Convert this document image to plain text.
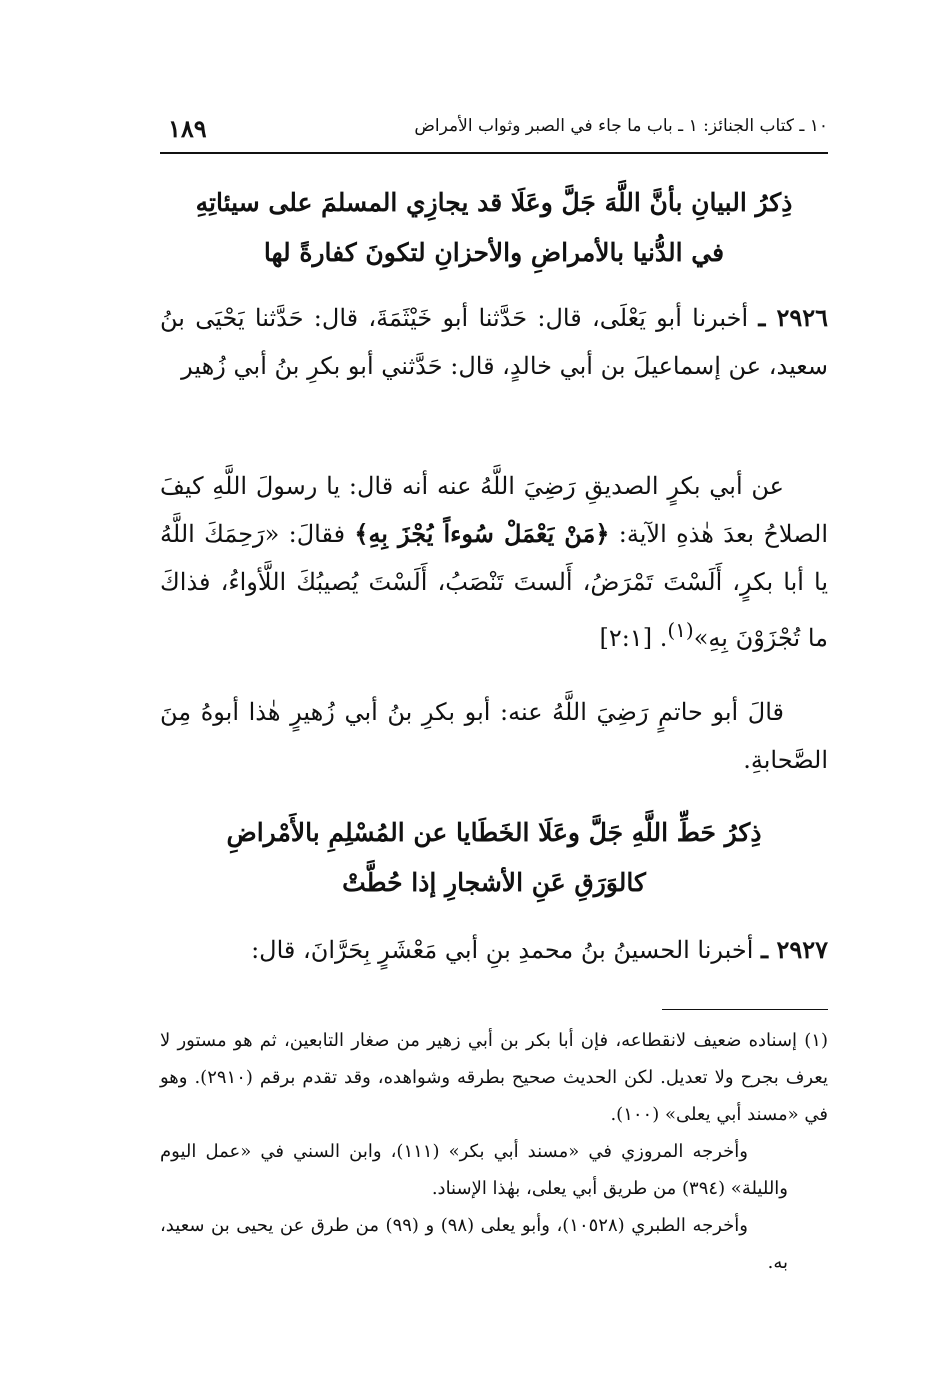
١٠ ـ كتاب الجنائز: ١ ـ باب ما جاء في الصبر وثواب الأمراض
١٨٩

ذِكرُ البيانِ بأنَّ اللَّهَ جَلَّ وعَلَا قد يجازِي المسلمَ على سيئاتِهِ

في الدُّنيا بالأمراضِ والأحزانِ لتكونَ كفارةً لها

٢٩٢٦ ـ أخبرنا أبو يَعْلَى، قال: حَدَّثنا أبو خَيْثَمَةَ، قال: حَدَّثنا يَحْيَى بنُ سعيد، عن إسماعيلَ بن أبي خالدٍ، قال: حَدَّثني أبو بكرِ بنُ أبي زُهير

عن أبي بكرٍ الصديقِ رَضِيَ اللَّهُ عنه أنه قال: يا رسولَ اللَّهِ كيفَ الصلاحُ بعدَ هٰذهِ الآية: ﴿مَنْ يَعْمَلْ سُوءاً يُجْزَ بِهِ﴾ فقالَ: «رَحِمَكَ اللَّهُ يا أبا بكرٍ، أَلَسْتَ تَمْرَضُ، أَلستَ تَنْصَبُ، أَلَسْتَ يُصيبُكَ اللَّأواءُ، فذاكَ ما تُجْزَوْنَ بِهِ»$^{(١)}$. [٢:١]

قالَ أبو حاتمٍ رَضِيَ اللَّهُ عنه: أبو بكرِ بنُ أبي زُهيرٍ هٰذا أبوهُ مِنَ الصَّحابةِ.

ذِكرُ حَطِّ اللَّهِ جَلَّ وعَلَا الخَطَايا عن المُسْلِمِ بالأَمْراضِ

كالوَرَقِ عَنِ الأشجارِ إذا حُطَّتْ

٢٩٢٧ ـ أخبرنا الحسينُ بنُ محمدِ بنِ أبي مَعْشَرٍ بِحَرَّانَ، قال:

(١) إسناده ضعيف لانقطاعه، فإن أبا بكر بن أبي زهير من صغار التابعين، ثم هو مستور لا يعرف بجرح ولا تعديل. لكن الحديث صحيح بطرقه وشواهده، وقد تقدم برقم (٢٩١٠). وهو في «مسند أبي يعلى» (١٠٠).

وأخرجه المروزي في «مسند أبي بكر» (١١١)، وابن السني في «عمل اليوم والليلة» (٣٩٤) من طريق أبي يعلى، بهٰذا الإسناد.

وأخرجه الطبري (١٠٥٢٨)، وأبو يعلى (٩٨) و (٩٩) من طرق عن يحيى بن سعيد، به.
